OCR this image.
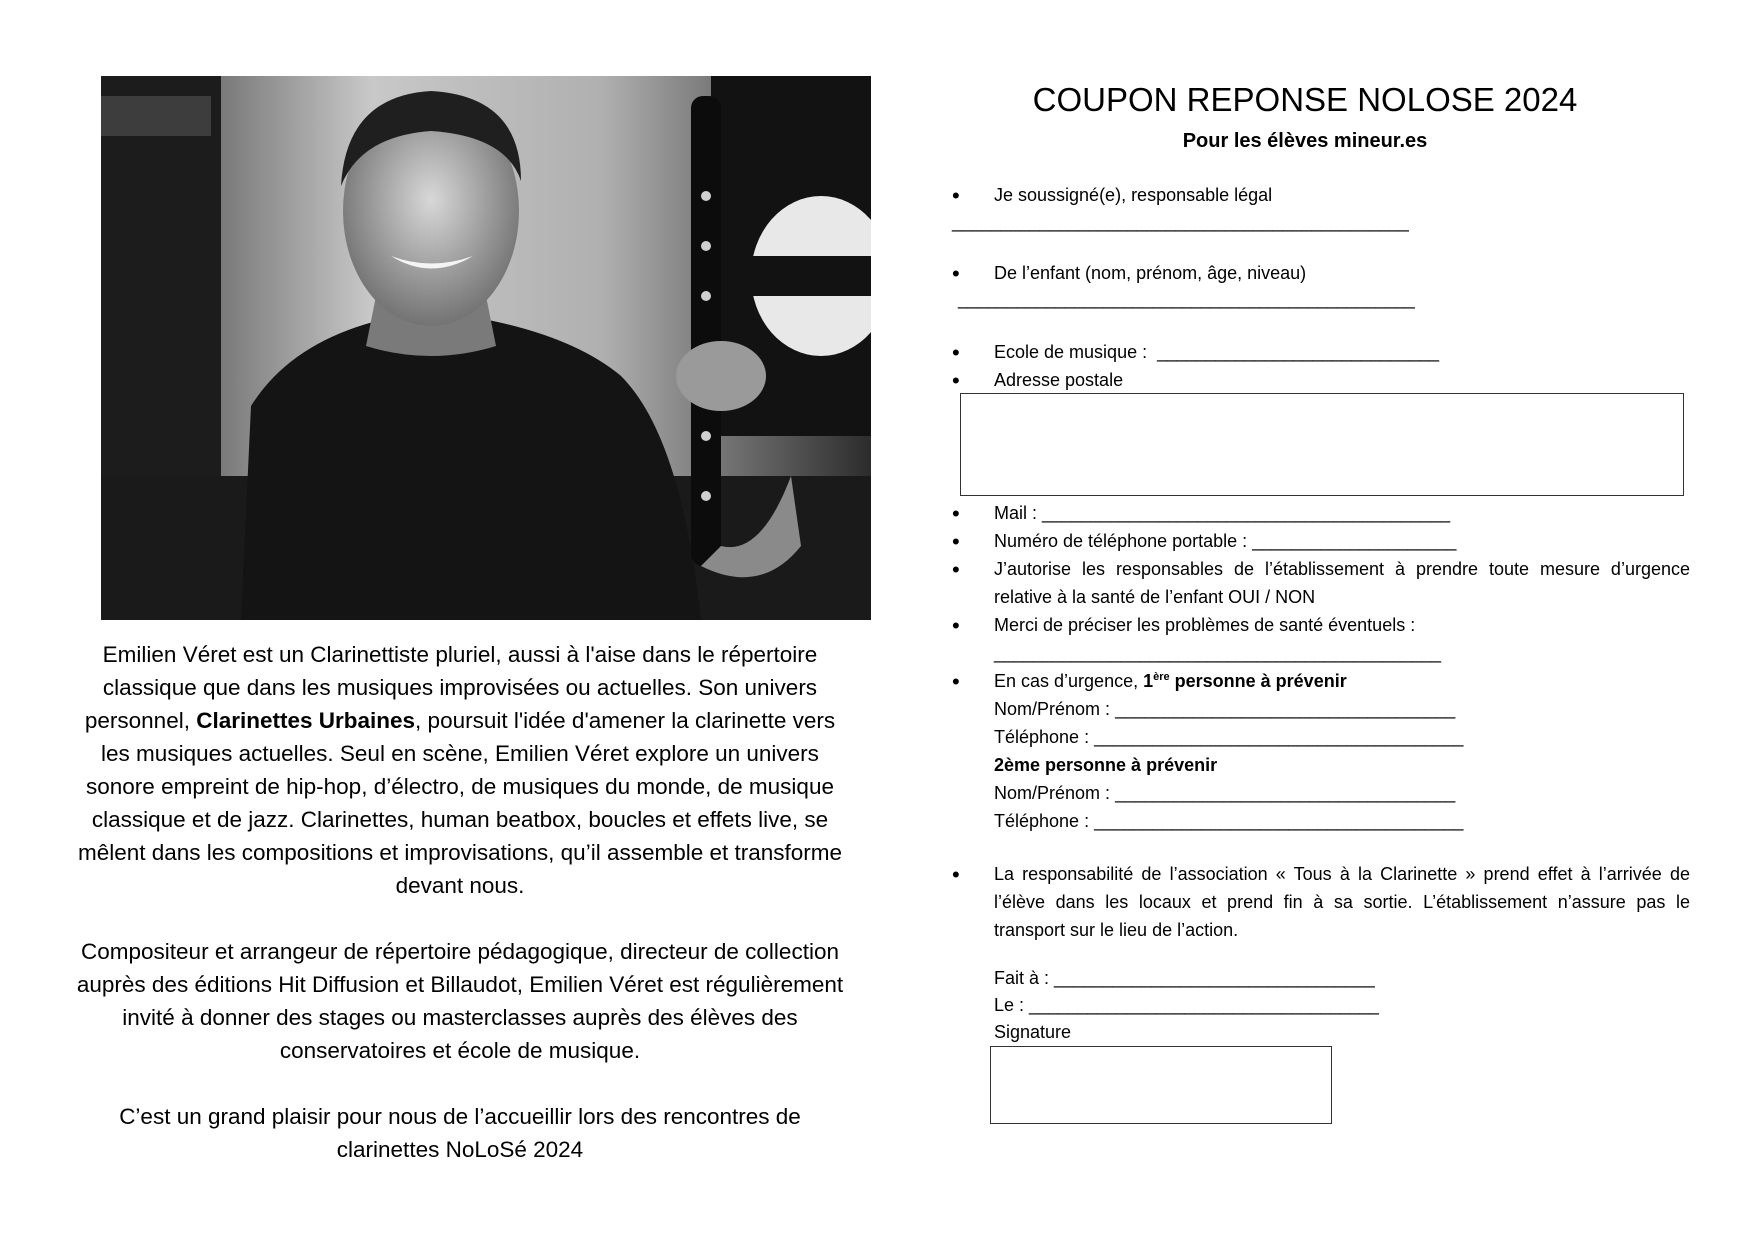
Emilien Véret est un Clarinettiste pluriel, aussi à l'aise dans le répertoire classique que dans les musiques improvisées ou actuelles. Son univers personnel, Clarinettes Urbaines, poursuit l'idée d'amener la clarinette vers les musiques actuelles. Seul en scène, Emilien Véret explore un univers sonore empreint de hip-hop, d’électro, de musiques du monde, de musique classique et de jazz. Clarinettes, human beatbox, boucles et effets live, se mêlent dans les compositions et improvisations, qu’il assemble et transforme devant nous.

Compositeur et arrangeur de répertoire pédagogique, directeur de collection auprès des éditions Hit Diffusion et Billaudot, Emilien Véret est régulièrement invité à donner des stages ou masterclasses auprès des élèves des conservatoires et école de musique.

C’est un grand plaisir pour nous de l’accueillir lors des rencontres de clarinettes NoLoSé 2024

COUPON REPONSE NOLOSE 2024
Pour les élèves mineur.es
• Je soussigné(e), responsable légal
_______________________________________________
• De l’enfant (nom, prénom, âge, niveau)
_______________________________________________
• Ecole de musique : _____________________________
• Adresse postale
• Mail : __________________________________________
• Numéro de téléphone portable : _____________________
• J’autorise les responsables de l’établissement à prendre toute mesure d’urgence relative à la santé de l’enfant OUI / NON
• Merci de préciser les problèmes de santé éventuels :
______________________________________________
• En cas d’urgence, 1ère personne à prévenir
Nom/Prénom : ___________________________________
Téléphone : ______________________________________
2ème personne à prévenir
Nom/Prénom : ___________________________________
Téléphone : ______________________________________
• La responsabilité de l’association « Tous à la Clarinette » prend effet à l’arrivée de l’élève dans les locaux et prend fin à sa sortie. L’établissement n’assure pas le transport sur le lieu de l’action.
Fait à : _________________________________
Le : ____________________________________
Signature
